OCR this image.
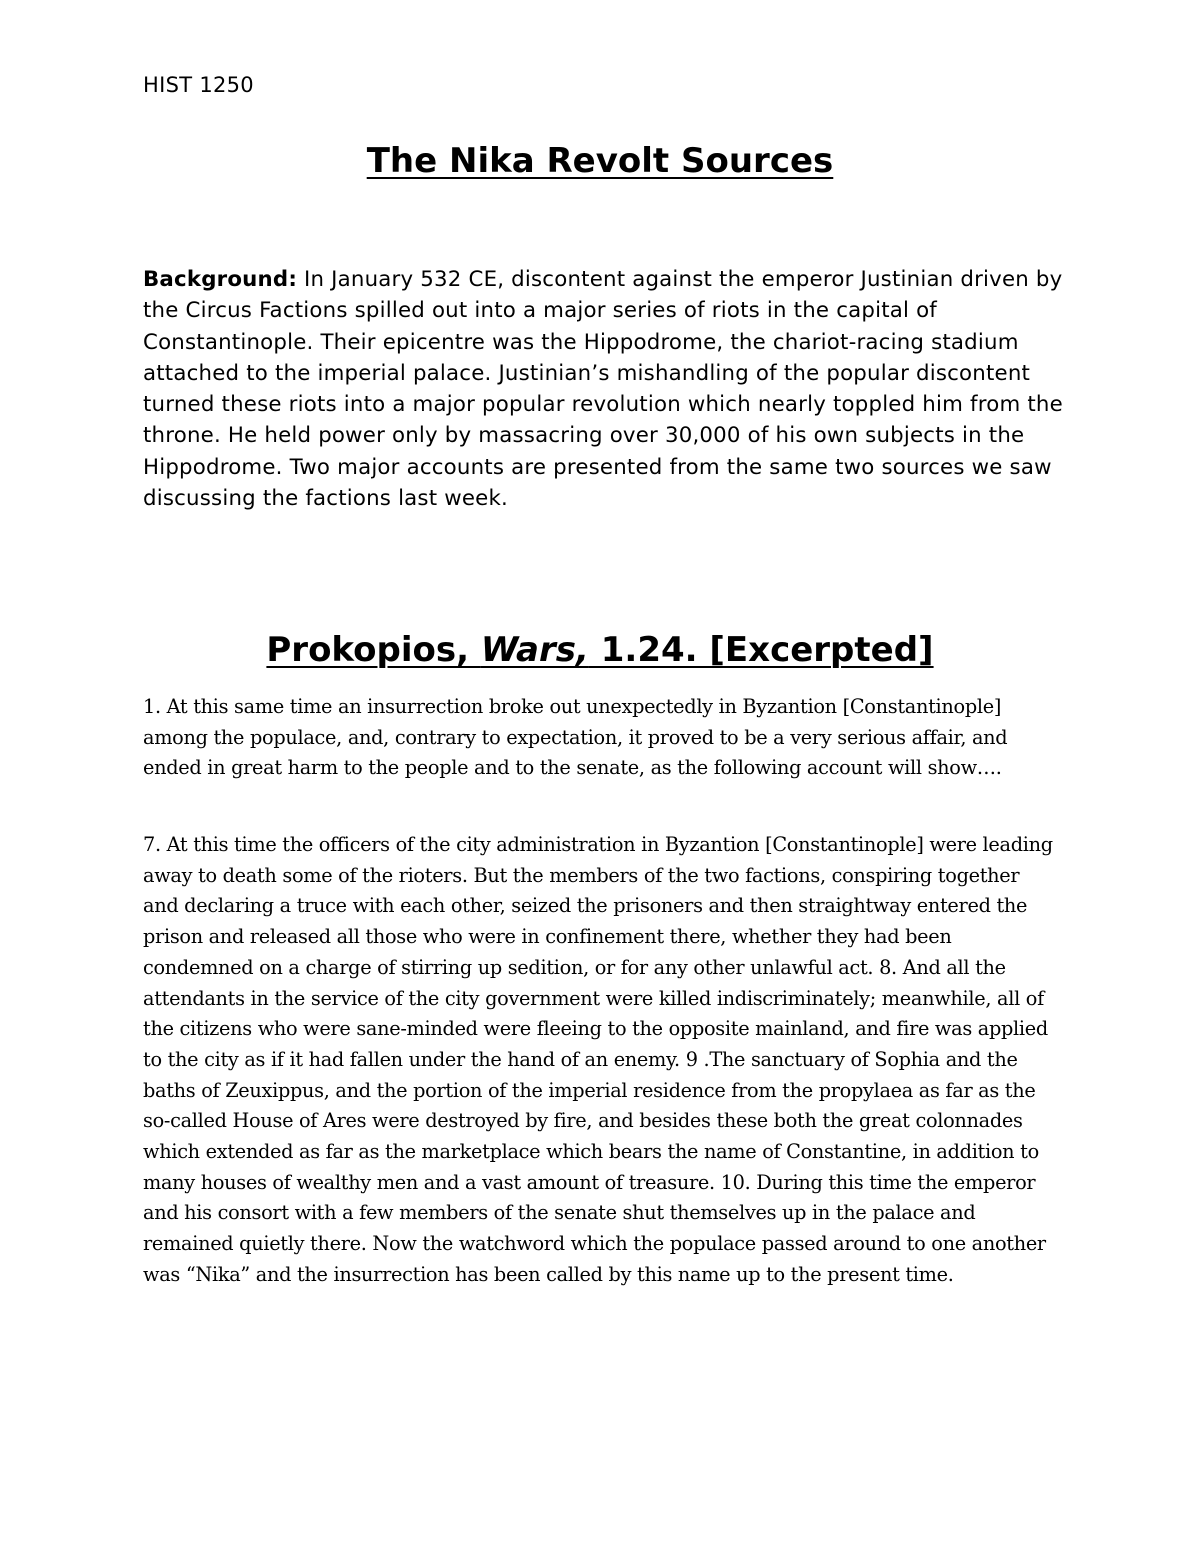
HIST 1250
The Nika Revolt Sources

Background: In January 532 CE, discontent against the emperor Justinian driven by the Circus Factions spilled out into a major series of riots in the capital of Constantinople. Their epicentre was the Hippodrome, the chariot-racing stadium attached to the imperial palace. Justinian’s mishandling of the popular discontent turned these riots into a major popular revolution which nearly toppled him from the throne. He held power only by massacring over 30,000 of his own subjects in the Hippodrome. Two major accounts are presented from the same two sources we saw discussing the factions last week.

Prokopios, Wars, 1.24. [Excerpted]

1. At this same time an insurrection broke out unexpectedly in Byzantion [Constantinople] among the populace, and, contrary to expectation, it proved to be a very serious affair, and ended in great harm to the people and to the senate, as the following account will show….

7. At this time the officers of the city administration in Byzantion [Constantinople] were leading away to death some of the rioters. But the members of the two factions, conspiring together and declaring a truce with each other, seized the prisoners and then straightway entered the prison and released all those who were in confinement there, whether they had been condemned on a charge of stirring up sedition, or for any other unlawful act. 8. And all the attendants in the service of the city government were killed indiscriminately; meanwhile, all of the citizens who were sane-minded were fleeing to the opposite mainland, and fire was applied to the city as if it had fallen under the hand of an enemy. 9 .The sanctuary of Sophia and the baths of Zeuxippus, and the portion of the imperial residence from the propylaea as far as the so-called House of Ares were destroyed by fire, and besides these both the great colonnades which extended as far as the marketplace which bears the name of Constantine, in addition to many houses of wealthy men and a vast amount of treasure. 10. During this time the emperor and his consort with a few members of the senate shut themselves up in the palace and remained quietly there. Now the watchword which the populace passed around to one another was “Nika” and the insurrection has been called by this name up to the present time.
